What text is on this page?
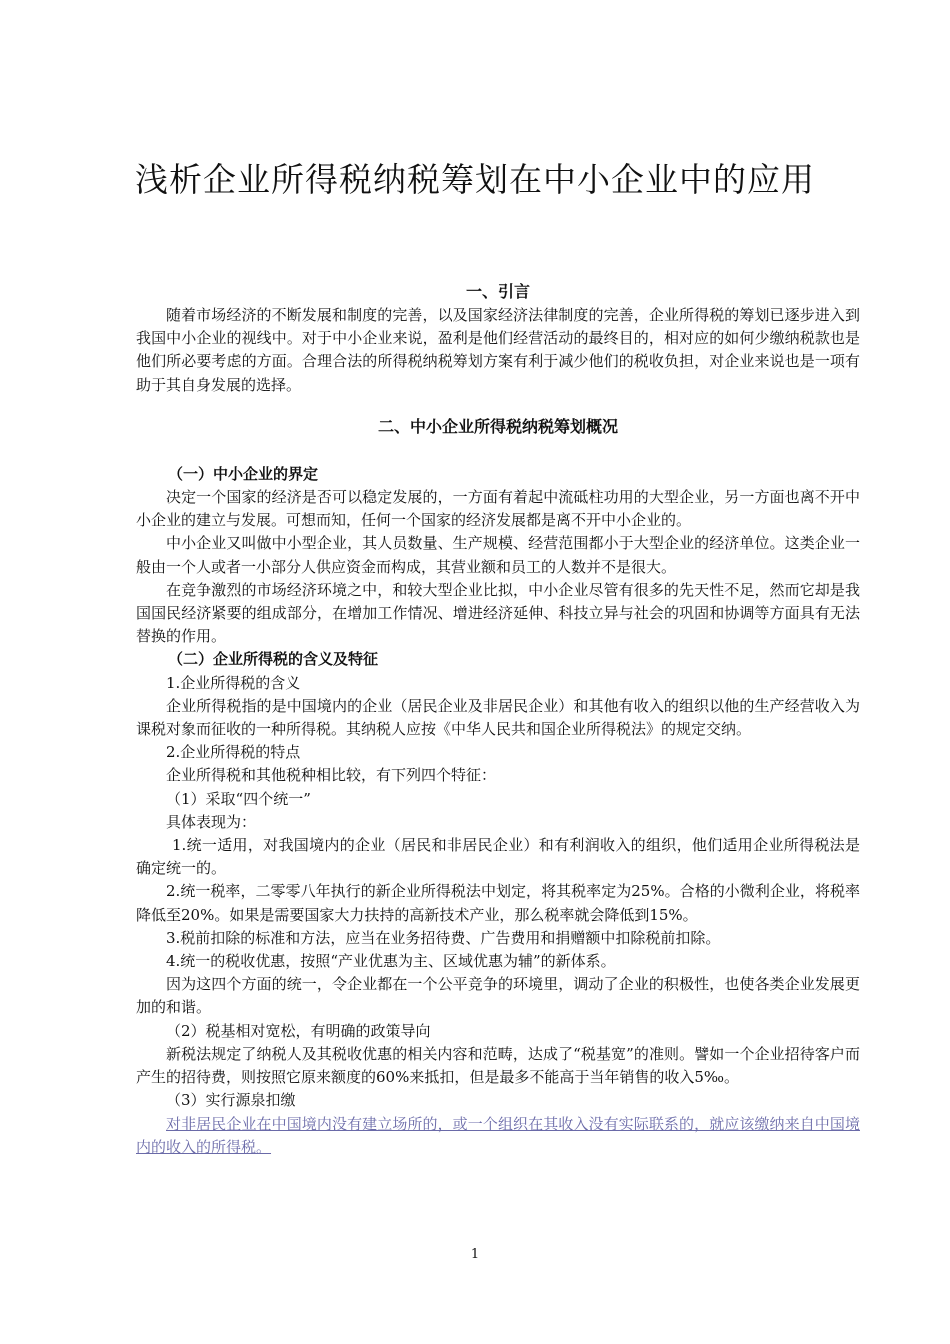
浅析企业所得税纳税筹划在中小企业中的应用
一、引言

随着市场经济的不断发展和制度的完善，以及国家经济法律制度的完善，企业所得税的筹划已逐步进入到我国中小企业的视线中。对于中小企业来说，盈利是他们经营活动的最终目的，相对应的如何少缴纳税款也是他们所必要考虑的方面。合理合法的所得税纳税筹划方案有利于减少他们的税收负担，对企业来说也是一项有助于其自身发展的选择。

二、中小企业所得税纳税筹划概况
（一）中小企业的界定

决定一个国家的经济是否可以稳定发展的，一方面有着起中流砥柱功用的大型企业，另一方面也离不开中小企业的建立与发展。可想而知，任何一个国家的经济发展都是离不开中小企业的。

中小企业又叫做中小型企业，其人员数量、生产规模、经营范围都小于大型企业的经济单位。这类企业一般由一个人或者一小部分人供应资金而构成，其营业额和员工的人数并不是很大。

在竞争激烈的市场经济环境之中，和较大型企业比拟，中小企业尽管有很多的先天性不足，然而它却是我国国民经济紧要的组成部分，在增加工作情况、增进经济延伸、科技立异与社会的巩固和协调等方面具有无法替换的作用。

（二）企业所得税的含义及特征

1.企业所得税的含义

企业所得税指的是中国境内的企业（居民企业及非居民企业）和其他有收入的组织以他的生产经营收入为课税对象而征收的一种所得税。其纳税人应按《中华人民共和国企业所得税法》的规定交纳。

2.企业所得税的特点

企业所得税和其他税种相比较，有下列四个特征：

（1）采取“四个统一”

具体表现为：

1.统一适用，对我国境内的企业（居民和非居民企业）和有利润收入的组织，他们适用企业所得税法是确定统一的。

2.统一税率，二零零八年执行的新企业所得税法中划定，将其税率定为25%。合格的小微利企业，将税率降低至20%。如果是需要国家大力扶持的高新技术产业，那么税率就会降低到15%。

3.税前扣除的标准和方法，应当在业务招待费、广告费用和捐赠额中扣除税前扣除。

4.统一的税收优惠，按照“产业优惠为主、区域优惠为辅”的新体系。

因为这四个方面的统一，令企业都在一个公平竞争的环境里，调动了企业的积极性，也使各类企业发展更加的和谐。

（2）税基相对宽松，有明确的政策导向

新税法规定了纳税人及其税收优惠的相关内容和范畴，达成了“税基宽”的准则。譬如一个企业招待客户而产生的招待费，则按照它原来额度的60%来抵扣，但是最多不能高于当年销售的收入5‰。

（3）实行源泉扣缴

对非居民企业在中国境内没有建立场所的，或一个组织在其收入没有实际联系的，就应该缴纳来自中国境内的收入的所得税。

1
